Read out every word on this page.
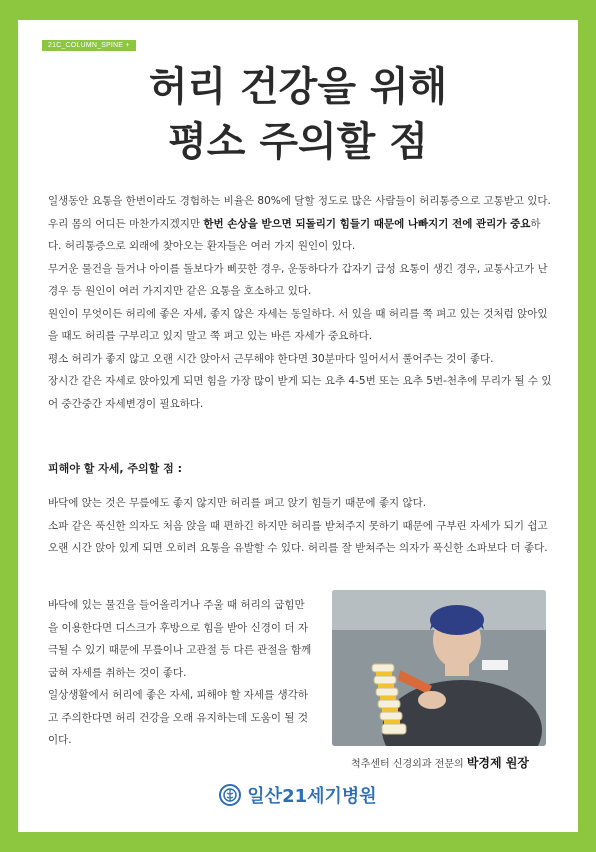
21C_COLUMN_SPINE +
허리 건강을 위해
평소 주의할 점
일생동안 요통을 한번이라도 경험하는 비율은 80%에 달할 정도로 많은 사람들이 허리통증으로 고통받고 있다. 우리 몸의 어디든 마찬가지겠지만 한번 손상을 받으면 되돌리기 힘들기 때문에 나빠지기 전에 관리가 중요하다. 허리통증으로 외래에 찾아오는 환자들은 여러 가지 원인이 있다.
무거운 물건을 들거나 아이를 돌보다가 삐끗한 경우, 운동하다가 갑자기 급성 요통이 생긴 경우, 교통사고가 난 경우 등 원인이 여러 가지지만 같은 요통을 호소하고 있다.
원인이 무엇이든 허리에 좋은 자세, 좋지 않은 자세는 동일하다. 서 있을 때 허리를 쭉 펴고 있는 것처럼 앉아있을 때도 허리를 구부리고 있지 말고 쭉 펴고 있는 바른 자세가 중요하다.
평소 허리가 좋지 않고 오랜 시간 앉아서 근무해야 한다면 30분마다 일어서서 풀어주는 것이 좋다.
장시간 같은 자세로 앉아있게 되면 힘을 가장 많이 받게 되는 요추 4-5번 또는 요추 5번-천추에 무리가 될 수 있어 중간중간 자세변경이 필요하다.
피해야 할 자세, 주의할 점 :
바닥에 앉는 것은 무릎에도 좋지 않지만 허리를 펴고 앉기 힘들기 때문에 좋지 않다.
소파 같은 푹신한 의자도 처음 앉을 때 편하긴 하지만 허리를 받쳐주지 못하기 때문에 구부린 자세가 되기 쉽고 오랜 시간 앉아 있게 되면 오히려 요통을 유발할 수 있다. 허리를 잘 받쳐주는 의자가 푹신한 소파보다 더 좋다.
바닥에 있는 물건을 들어올리거나 주울 때 허리의 굽힘만을 이용한다면 디스크가 후방으로 힘을 받아 신경이 더 자극될 수 있기 때문에 무릎이나 고관절 등 다른 관절을 함께 굽혀 자세를 취하는 것이 좋다.
일상생활에서 허리에 좋은 자세, 피해야 할 자세를 생각하고 주의한다면 허리 건강을 오래 유지하는데 도움이 될 것이다.
척추센터 신경외과 전문의 박경제 원장
일산21세기병원
